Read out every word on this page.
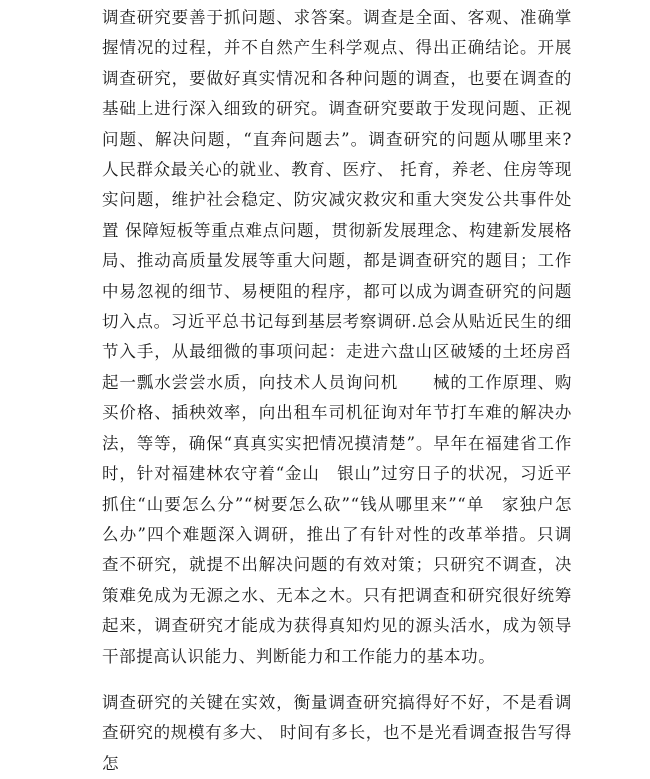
调查研究要善于抓问题、求答案。调查是全面、客观、准确掌握情况的过程，并不自然产生科学观点、得出正确结论。开展调查研究，要做好真实情况和各种问题的调查，也要在调查的基础上进行深入细致的研究。调查研究要敢于发现问题、正视问题、解决问题，“直奔问题去”。调查研究的问题从哪里来?人民群众最关心的就业、教育、医疗、 托育，养老、住房等现实问题，维护社会稳定、防灾减灾救灾和重大突发公共事件处置 保障短板等重点难点问题，贯彻新发展理念、构建新发展格局、推动高质量发展等重大问题，都是调查研究的题目；工作中易忽视的细节、易梗阻的程序，都可以成为调查研究的问题切入点。习近平总书记每到基层考察调研.总会从贴近民生的细节入手，从最细微的事项问起：走进六盘山区破矮的土坯房舀起一瓢水尝尝水质，向技术人员询问机　　械的工作原理、购买价格、插秧效率，向出租车司机征询对年节打车难的解决办法，等等，确保“真真实实把情况摸清楚”。早年在福建省工作时，针对福建林农守着“金山　银山”过穷日子的状况，习近平抓住“山要怎么分”“树要怎么砍”“钱从哪里来”“单　家独户怎么办”四个难题深入调研，推出了有针对性的改革举措。只调查不研究，就提不出解决问题的有效对策；只研究不调查，决策难免成为无源之水、无本之木。只有把调查和研究很好统筹起来，调查研究才能成为获得真知灼见的源头活水，成为领导干部提高认识能力、判断能力和工作能力的基本功。

调查研究的关键在实效，衡量调查研究搞得好不好，不是看调查研究的规模有多大、 时间有多长，也不是光看调查报告写得怎
